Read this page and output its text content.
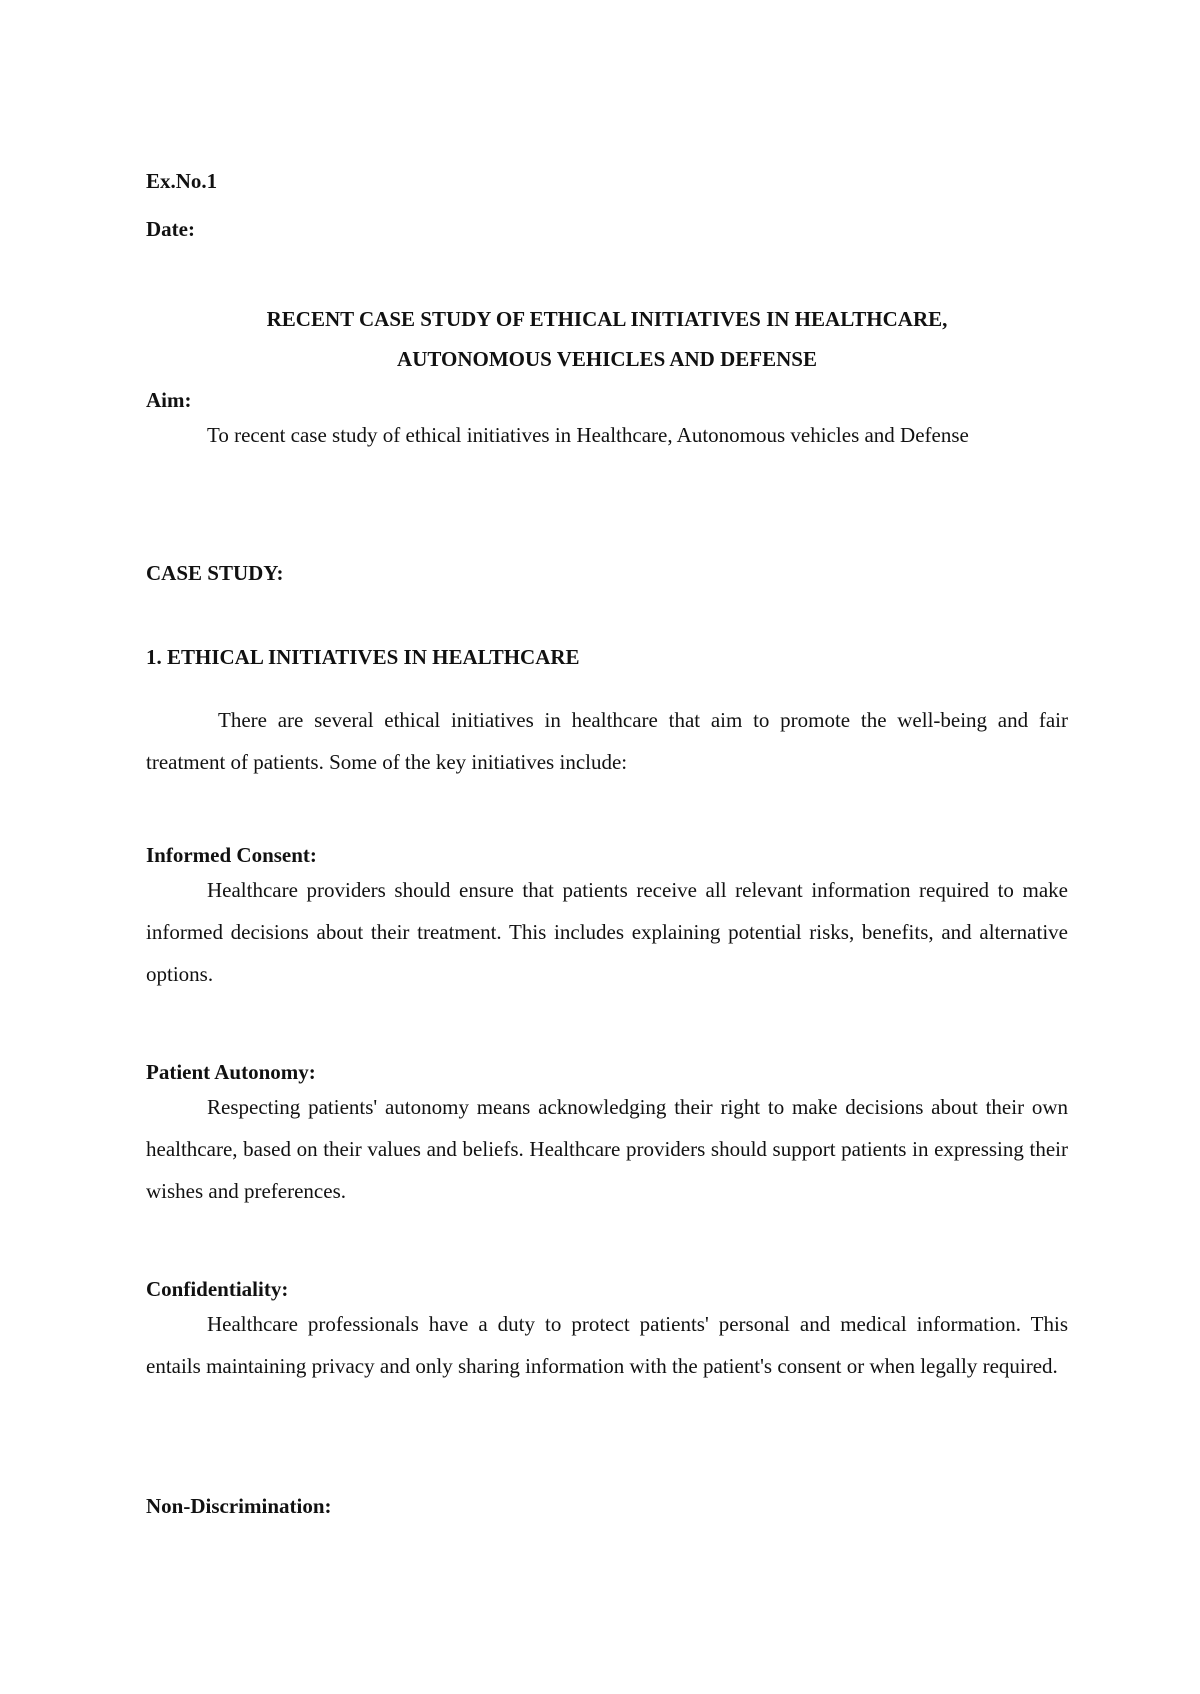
Ex.No.1
Date:
RECENT CASE STUDY OF ETHICAL INITIATIVES IN HEALTHCARE,
AUTONOMOUS VEHICLES AND DEFENSE
Aim:

To recent case study of ethical initiatives in Healthcare, Autonomous vehicles and Defense

CASE STUDY:
1. ETHICAL INITIATIVES IN HEALTHCARE

There are several ethical initiatives in healthcare that aim to promote the well-being and fair treatment of patients. Some of the key initiatives include:

Informed Consent:

Healthcare providers should ensure that patients receive all relevant information required to make informed decisions about their treatment. This includes explaining potential risks, benefits, and alternative options.

Patient Autonomy:

Respecting patients' autonomy means acknowledging their right to make decisions about their own healthcare, based on their values and beliefs. Healthcare providers should support patients in expressing their wishes and preferences.

Confidentiality:

Healthcare professionals have a duty to protect patients' personal and medical information. This entails maintaining privacy and only sharing information with the patient's consent or when legally required.

Non-Discrimination:
